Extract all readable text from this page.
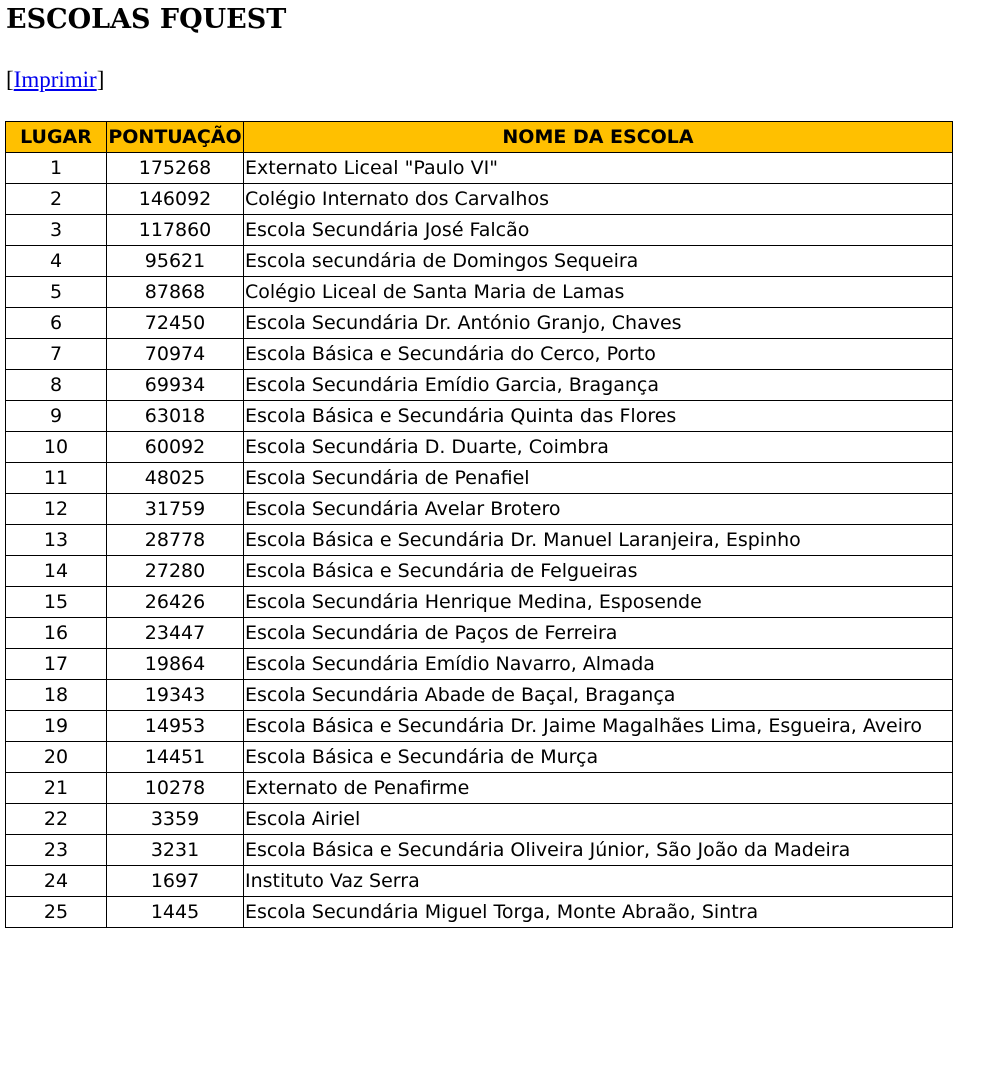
ESCOLAS FQUEST

[Imprimir]

LUGAR	PONTUAÇÃO	NOME DA ESCOLA
1	175268	Externato Liceal "Paulo VI"
2	146092	Colégio Internato dos Carvalhos
3	117860	Escola Secundária José Falcão
4	95621	Escola secundária de Domingos Sequeira
5	87868	Colégio Liceal de Santa Maria de Lamas
6	72450	Escola Secundária Dr. António Granjo, Chaves
7	70974	Escola Básica e Secundária do Cerco, Porto
8	69934	Escola Secundária Emídio Garcia, Bragança
9	63018	Escola Básica e Secundária Quinta das Flores
10	60092	Escola Secundária D. Duarte, Coimbra
11	48025	Escola Secundária de Penafiel
12	31759	Escola Secundária Avelar Brotero
13	28778	Escola Básica e Secundária Dr. Manuel Laranjeira, Espinho
14	27280	Escola Básica e Secundária de Felgueiras
15	26426	Escola Secundária Henrique Medina, Esposende
16	23447	Escola Secundária de Paços de Ferreira
17	19864	Escola Secundária Emídio Navarro, Almada
18	19343	Escola Secundária Abade de Baçal, Bragança
19	14953	Escola Básica e Secundária Dr. Jaime Magalhães Lima, Esgueira, Aveiro
20	14451	Escola Básica e Secundária de Murça
21	10278	Externato de Penafirme
22	3359	Escola Airiel
23	3231	Escola Básica e Secundária Oliveira Júnior, São João da Madeira
24	1697	Instituto Vaz Serra
25	1445	Escola Secundária Miguel Torga, Monte Abraão, Sintra
